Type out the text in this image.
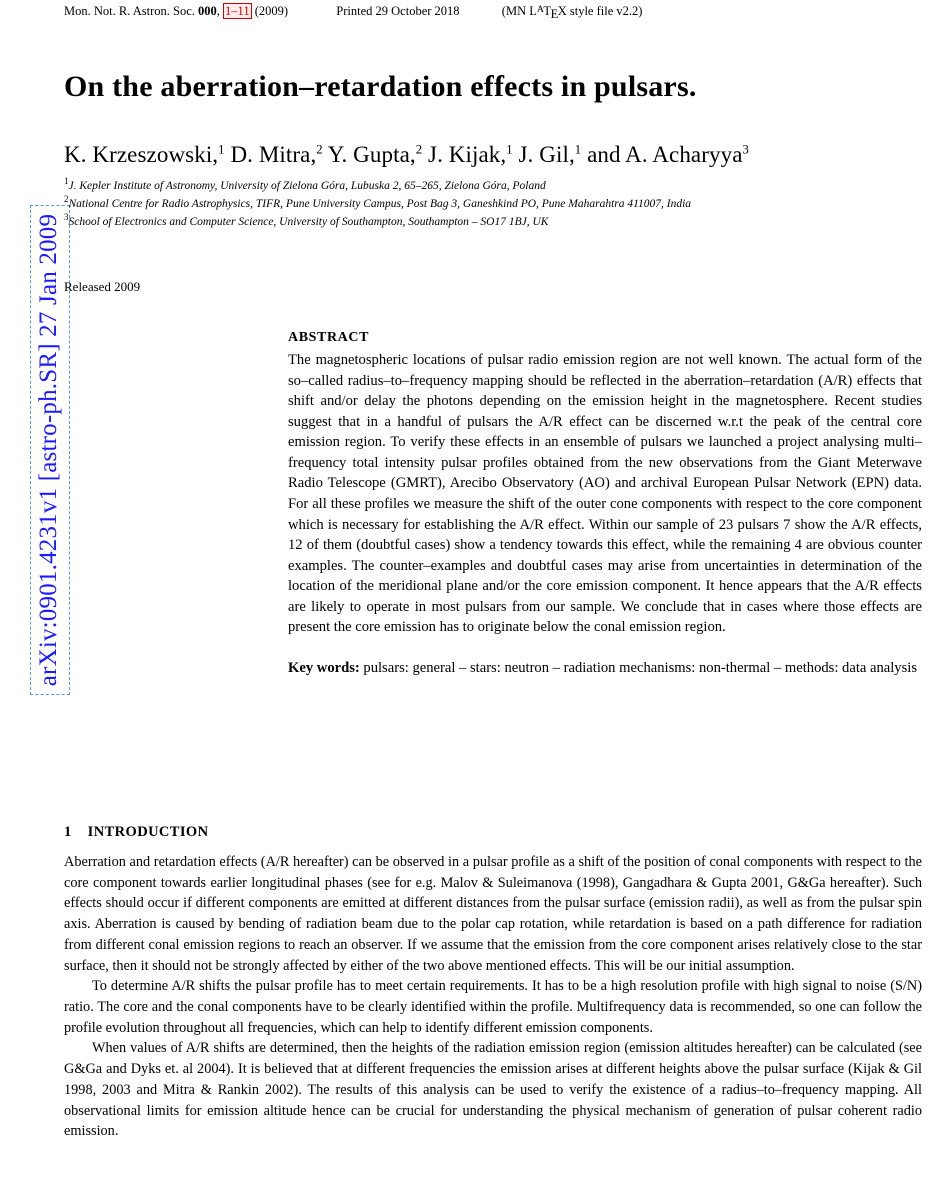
arXiv:0901.4231v1 [astro-ph.SR] 27 Jan 2009
Mon. Not. R. Astron. Soc. 000, 1–11 (2009)	Printed 29 October 2018	(MN $L^ATEX$ style file v2.2)
On the aberration–retardation effects in pulsars.
K. Krzeszowski,$^1$ D. Mitra,$^2$ Y. Gupta,$^2$ J. Kijak,$^1$ J. Gil,$^1$ and A. Acharyya$^3$
$^1$J. Kepler Institute of Astronomy, University of Zielona Góra, Lubuska 2, 65–265, Zielona Góra, Poland
$^2$National Centre for Radio Astrophysics, TIFR, Pune University Campus, Post Bag 3, Ganeshkind PO, Pune Maharahtra 411007, India
$^3$School of Electronics and Computer Science, University of Southampton, Southampton – SO17 1BJ, UK
Released 2009
ABSTRACT
The magnetospheric locations of pulsar radio emission region are not well known. The actual form of the so–called radius–to–frequency mapping should be reflected in the aberration–retardation (A/R) effects that shift and/or delay the photons depending on the emission height in the magnetosphere. Recent studies suggest that in a handful of pulsars the A/R effect can be discerned w.r.t the peak of the central core emission region. To verify these effects in an ensemble of pulsars we launched a project analysing multi–frequency total intensity pulsar profiles obtained from the new observations from the Giant Meterwave Radio Telescope (GMRT), Arecibo Observatory (AO) and archival European Pulsar Network (EPN) data. For all these profiles we measure the shift of the outer cone components with respect to the core component which is necessary for establishing the A/R effect. Within our sample of 23 pulsars 7 show the A/R effects, 12 of them (doubtful cases) show a tendency towards this effect, while the remaining 4 are obvious counter examples. The counter–examples and doubtful cases may arise from uncertainties in determination of the location of the meridional plane and/or the core emission component. It hence appears that the A/R effects are likely to operate in most pulsars from our sample. We conclude that in cases where those effects are present the core emission has to originate below the conal emission region.
Key words: pulsars: general – stars: neutron – radiation mechanisms: non-thermal – methods: data analysis
1 INTRODUCTION

Aberration and retardation effects (A/R hereafter) can be observed in a pulsar profile as a shift of the position of conal components with respect to the core component towards earlier longitudinal phases (see for e.g. Malov & Suleimanova (1998), Gangadhara & Gupta 2001, G&Ga hereafter). Such effects should occur if different components are emitted at different distances from the pulsar surface (emission radii), as well as from the pulsar spin axis. Aberration is caused by bending of radiation beam due to the polar cap rotation, while retardation is based on a path difference for radiation from different conal emission regions to reach an observer. If we assume that the emission from the core component arises relatively close to the star surface, then it should not be strongly affected by either of the two above mentioned effects. This will be our initial assumption.

To determine A/R shifts the pulsar profile has to meet certain requirements. It has to be a high resolution profile with high signal to noise (S/N) ratio. The core and the conal components have to be clearly identified within the profile. Multifrequency data is recommended, so one can follow the profile evolution throughout all frequencies, which can help to identify different emission components.

When values of A/R shifts are determined, then the heights of the radiation emission region (emission altitudes hereafter) can be calculated (see G&Ga and Dyks et. al 2004). It is believed that at different frequencies the emission arises at different heights above the pulsar surface (Kijak & Gil 1998, 2003 and Mitra & Rankin 2002). The results of this analysis can be used to verify the existence of a radius–to–frequency mapping. All observational limits for emission altitude hence can be crucial for understanding the physical mechanism of generation of pulsar coherent radio emission.
